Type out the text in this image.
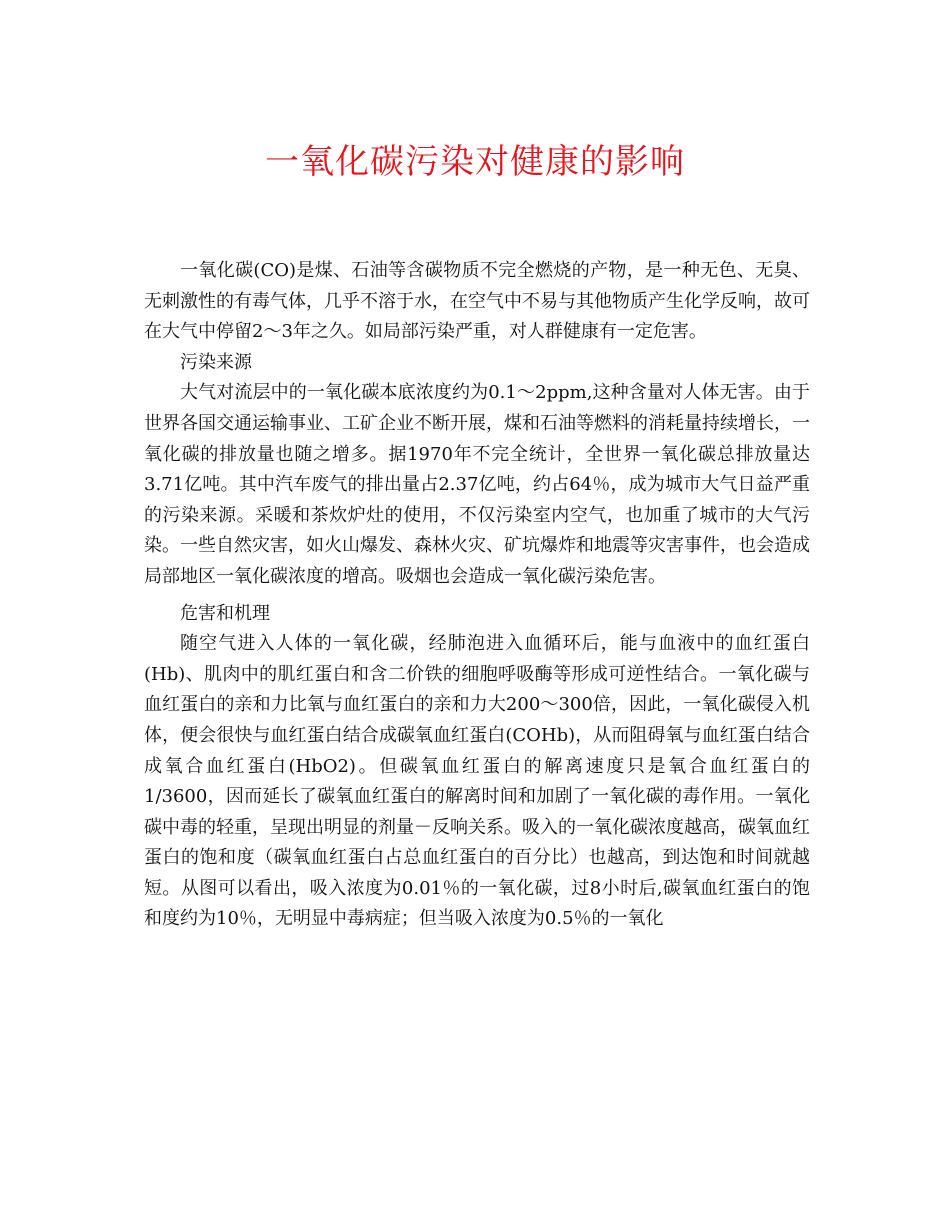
一氧化碳污染对健康的影响

一氧化碳(CO)是煤、石油等含碳物质不完全燃烧的产物，是一种无色、无臭、无刺激性的有毒气体，几乎不溶于水，在空气中不易与其他物质产生化学反响，故可在大气中停留2～3年之久。如局部污染严重，对人群健康有一定危害。

污染来源

大气对流层中的一氧化碳本底浓度约为0.1～2ppm,这种含量对人体无害。由于世界各国交通运输事业、工矿企业不断开展，煤和石油等燃料的消耗量持续增长，一氧化碳的排放量也随之增多。据1970年不完全统计，全世界一氧化碳总排放量达3.71亿吨。其中汽车废气的排出量占2.37亿吨，约占64％，成为城市大气日益严重的污染来源。采暖和茶炊炉灶的使用，不仅污染室内空气，也加重了城市的大气污染。一些自然灾害，如火山爆发、森林火灾、矿坑爆炸和地震等灾害事件，也会造成局部地区一氧化碳浓度的增高。吸烟也会造成一氧化碳污染危害。

危害和机理

随空气进入人体的一氧化碳，经肺泡进入血循环后，能与血液中的血红蛋白(Hb)、肌肉中的肌红蛋白和含二价铁的细胞呼吸酶等形成可逆性结合。一氧化碳与血红蛋白的亲和力比氧与血红蛋白的亲和力大200～300倍，因此，一氧化碳侵入机体，便会很快与血红蛋白结合成碳氧血红蛋白(COHb)，从而阻碍氧与血红蛋白结合成氧合血红蛋白(HbO2)。但碳氧血红蛋白的解离速度只是氧合血红蛋白的1/3600，因而延长了碳氧血红蛋白的解离时间和加剧了一氧化碳的毒作用。一氧化碳中毒的轻重，呈现出明显的剂量－反响关系。吸入的一氧化碳浓度越高，碳氧血红蛋白的饱和度（碳氧血红蛋白占总血红蛋白的百分比）也越高，到达饱和时间就越短。从图可以看出，吸入浓度为0.01％的一氧化碳，过8小时后,碳氧血红蛋白的饱和度约为10％，无明显中毒病症；但当吸入浓度为0.5％的一氧化
